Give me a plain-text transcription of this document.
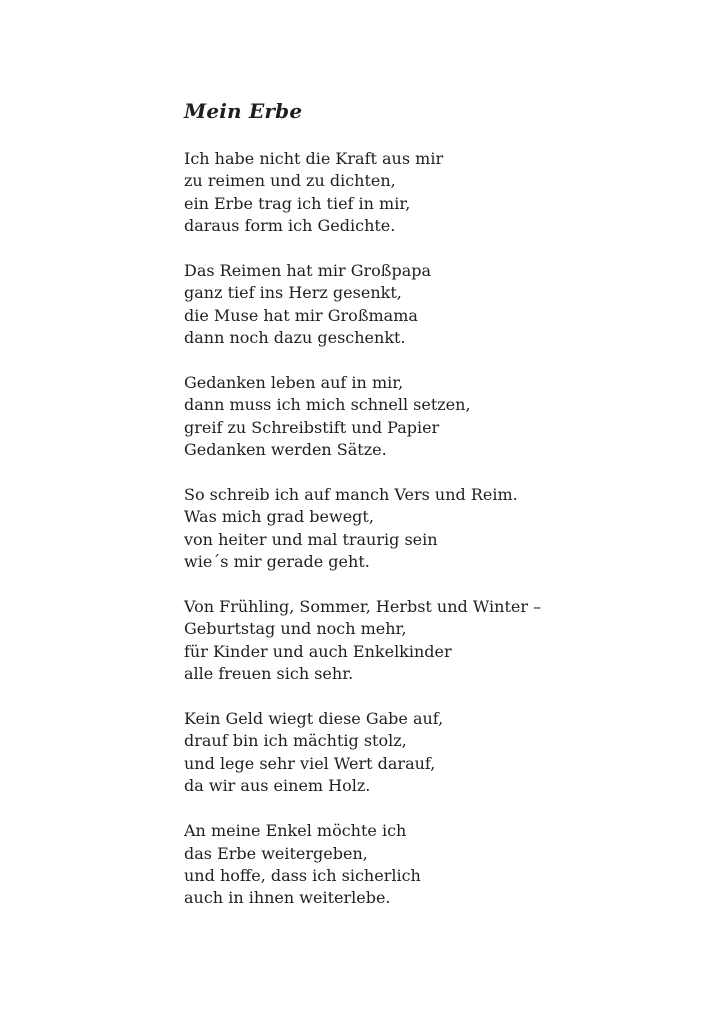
Mein Erbe

Ich habe nicht die Kraft aus mir
zu reimen und zu dichten,
ein Erbe trag ich tief in mir,
daraus form ich Gedichte.

Das Reimen hat mir Großpapa
ganz tief ins Herz gesenkt,
die Muse hat mir Großmama
dann noch dazu geschenkt.

Gedanken leben auf in mir,
dann muss ich mich schnell setzen,
greif zu Schreibstift und Papier
Gedanken werden Sätze.

So schreib ich auf manch Vers und Reim.
Was mich grad bewegt,
von heiter und mal traurig sein
wie´s mir gerade geht.

Von Frühling, Sommer, Herbst und Winter –
Geburtstag und noch mehr,
für Kinder und auch Enkelkinder
alle freuen sich sehr.

Kein Geld wiegt diese Gabe auf,
drauf bin ich mächtig stolz,
und lege sehr viel Wert darauf,
da wir aus einem Holz.

An meine Enkel möchte ich
das Erbe weitergeben,
und hoffe, dass ich sicherlich
auch in ihnen weiterlebe.
